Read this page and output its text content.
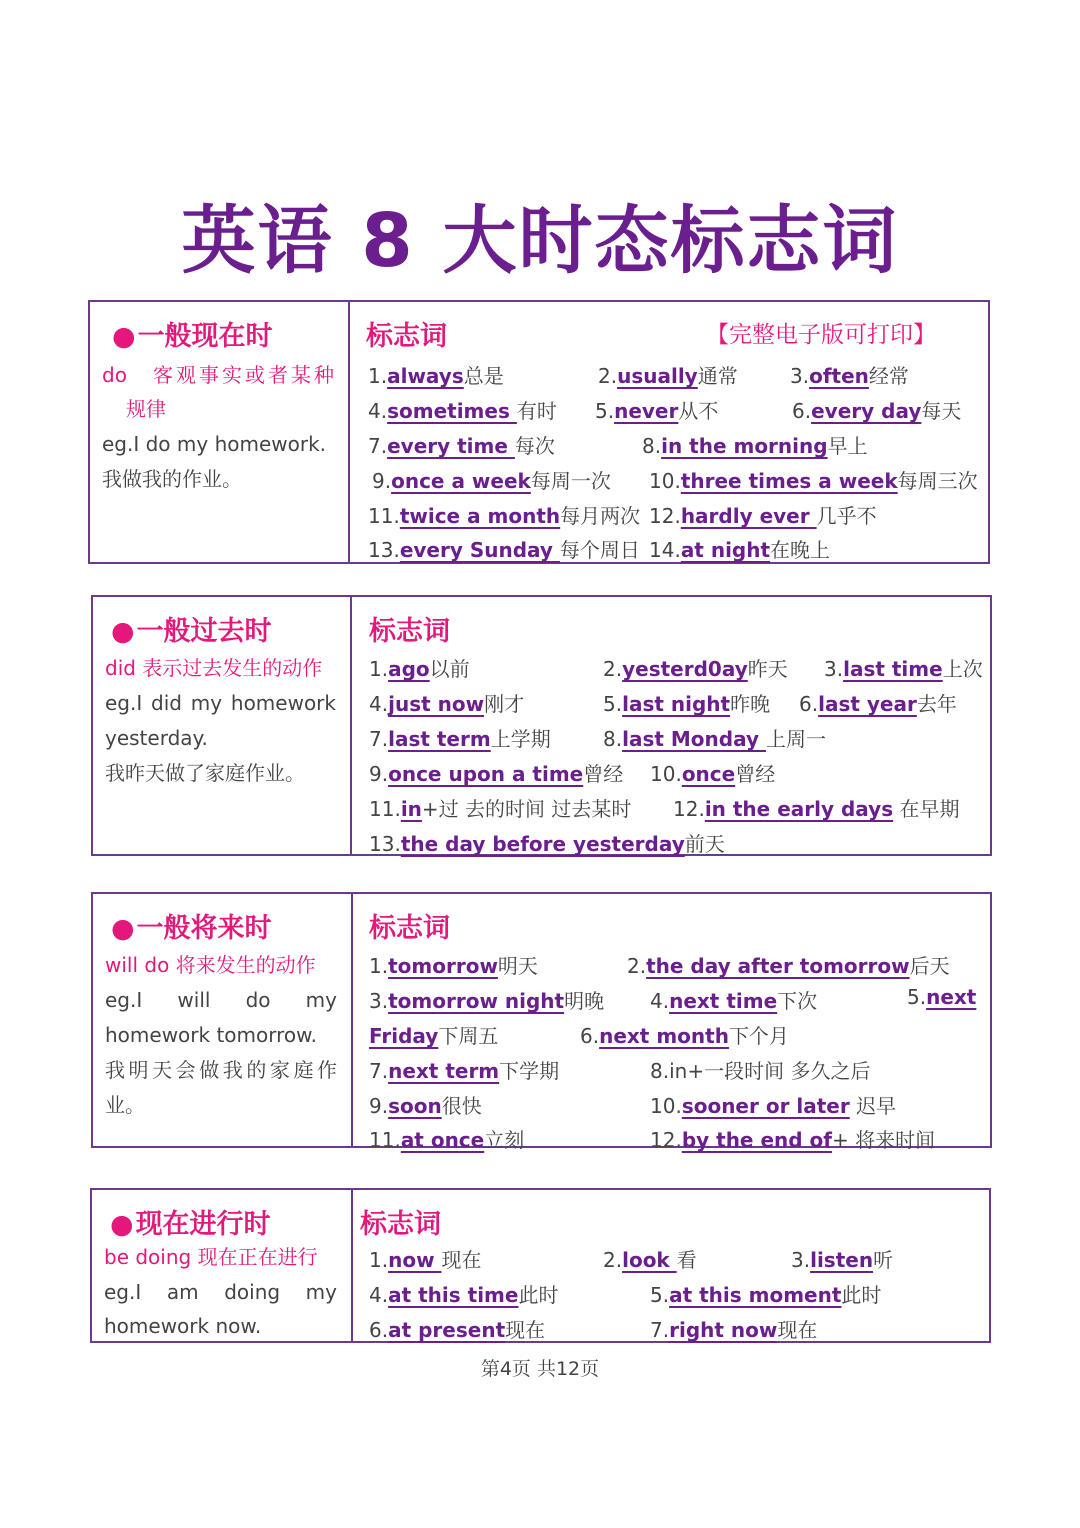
英语 8 大时态标志词
●一般现在时
do　客观事实或者某种
规律
eg.I do my homework.
我做我的作业。
标志词	【完整电子版可打印】
1.always总是	2.usually通常	3.often经常
4.sometimes 有时 5.never从不	6.every day每天
7.every time 每次	8.in the morning早上
9.once a week每周一次 10.three times a week每周三次
11.twice a month每月两次 12.hardly ever 几乎不
13.every Sunday 每个周日 14.at night在晚上
●一般过去时
did 表示过去发生的动作
eg.I did my homework
yesterday.
我昨天做了家庭作业。
标志词
1.ago以前	2.yesterd0ay昨天 3.last time上次
4.just now刚才	5.last night昨晚 6.last year去年
7.last term上学期	8.last Monday 上周一
9.once upon a time曾经 10.once曾经
11.in+过 去的时间 过去某时 12.in the early days 在早期
13.the day before yesterday前天
●一般将来时
will do 将来发生的动作
eg.I will do my
homework tomorrow.
我明天会做我的家庭作
业。
标志词
1.tomorrow明天	2.the day after tomorrow后天
3.tomorrow night明晚 4.next time下次	5.next
Friday下周五	6.next month下个月
7.next term下学期	8.in+一段时间 多久之后
9.soon很快	10.sooner or later 迟早
11.at once立刻	12.by the end of+ 将来时间
●现在进行时
be doing 现在正在进行
eg.I am doing my
homework now.
标志词
1.now 现在	2.look 看	3.listen听
4.at this time此时	5.at this moment此时
6.at present现在	7.right now现在
第4页 共12页
